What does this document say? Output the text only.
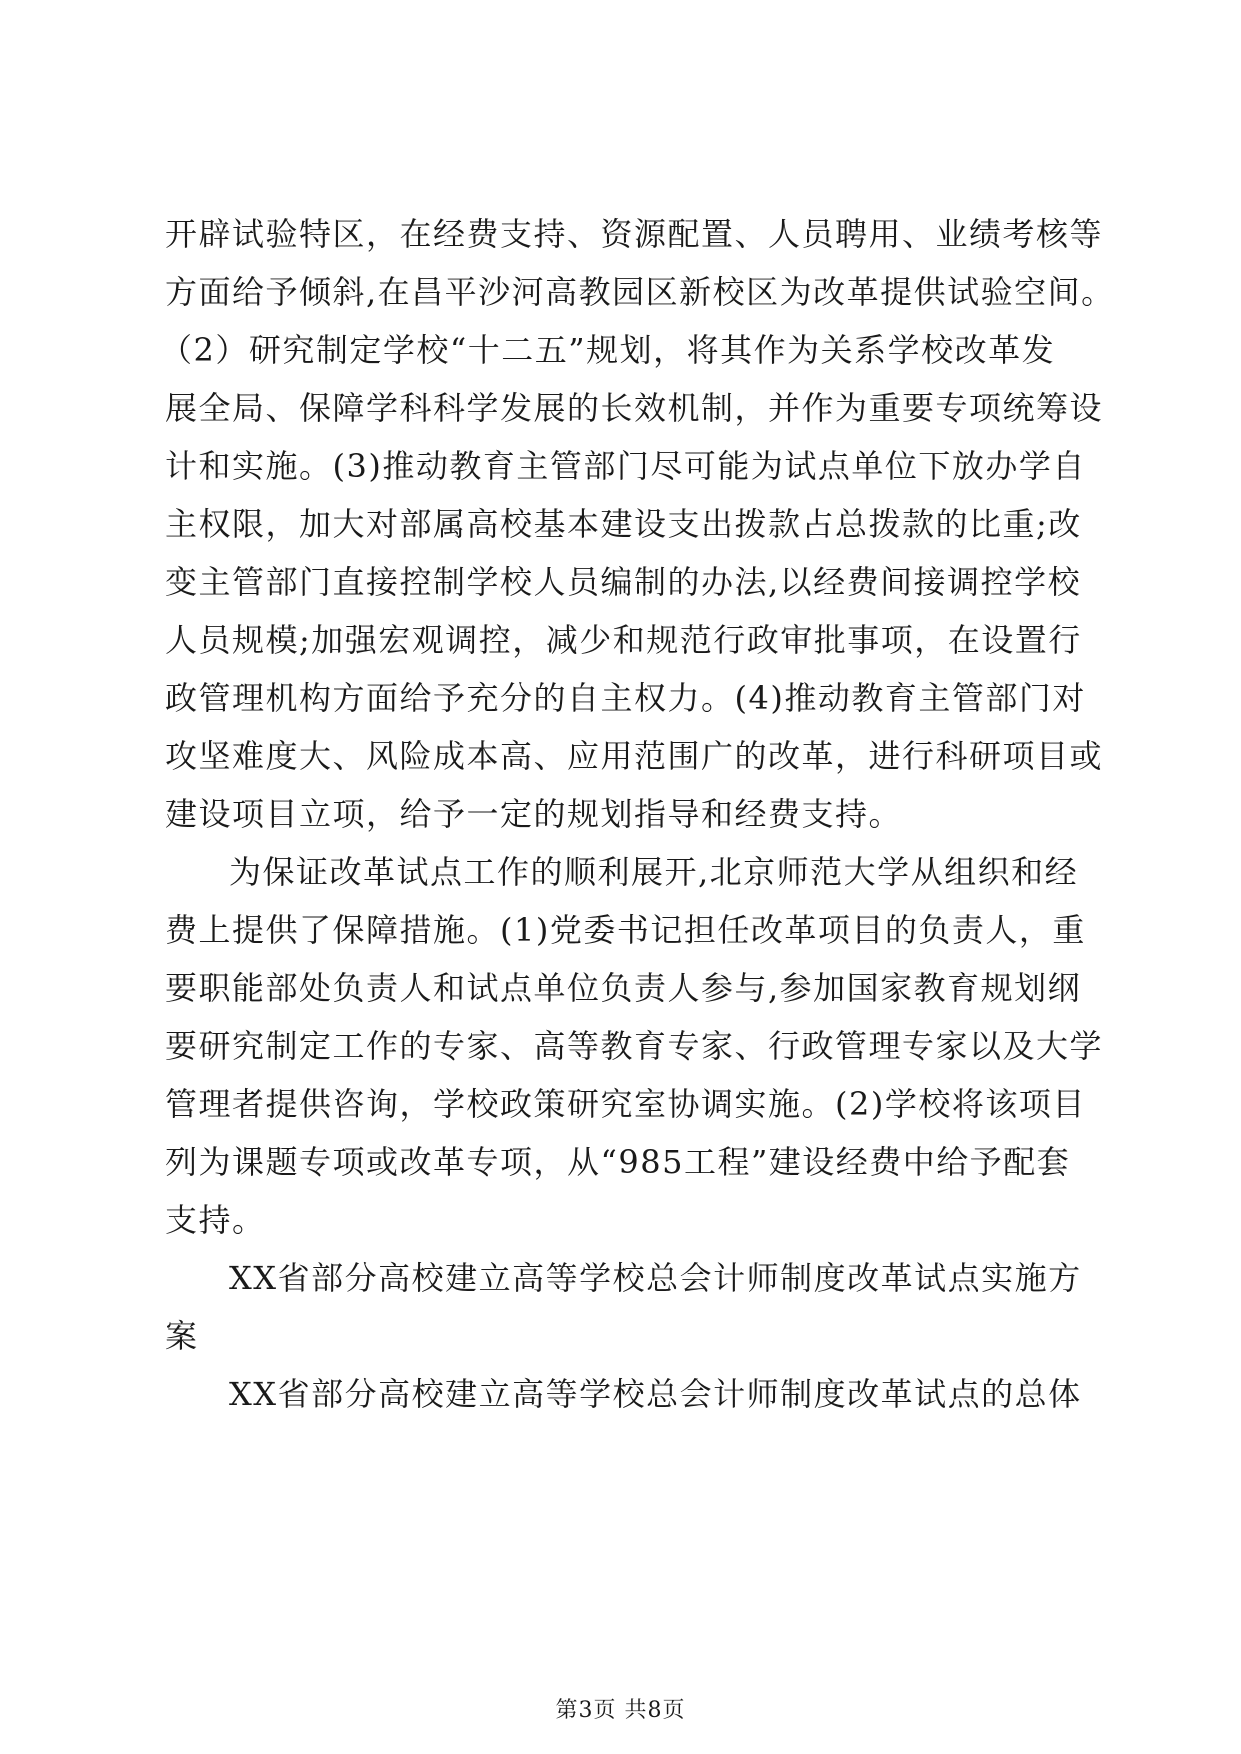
开辟试验特区，在经费支持、资源配置、人员聘用、业绩考核等
方面给予倾斜,在昌平沙河高教园区新校区为改革提供试验空间。
（2）研究制定学校“十二五”规划，将其作为关系学校改革发
展全局、保障学科科学发展的长效机制，并作为重要专项统筹设
计和实施。(3)推动教育主管部门尽可能为试点单位下放办学自
主权限，加大对部属高校基本建设支出拨款占总拨款的比重;改
变主管部门直接控制学校人员编制的办法,以经费间接调控学校
人员规模;加强宏观调控，减少和规范行政审批事项，在设置行
政管理机构方面给予充分的自主权力。(4)推动教育主管部门对
攻坚难度大、风险成本高、应用范围广的改革，进行科研项目或
建设项目立项，给予一定的规划指导和经费支持。
为保证改革试点工作的顺利展开,北京师范大学从组织和经
费上提供了保障措施。(1)党委书记担任改革项目的负责人，重
要职能部处负责人和试点单位负责人参与,参加国家教育规划纲
要研究制定工作的专家、高等教育专家、行政管理专家以及大学
管理者提供咨询，学校政策研究室协调实施。(2)学校将该项目
列为课题专项或改革专项，从“985工程”建设经费中给予配套
支持。
XX省部分高校建立高等学校总会计师制度改革试点实施方
案
XX省部分高校建立高等学校总会计师制度改革试点的总体
第3页 共8页
